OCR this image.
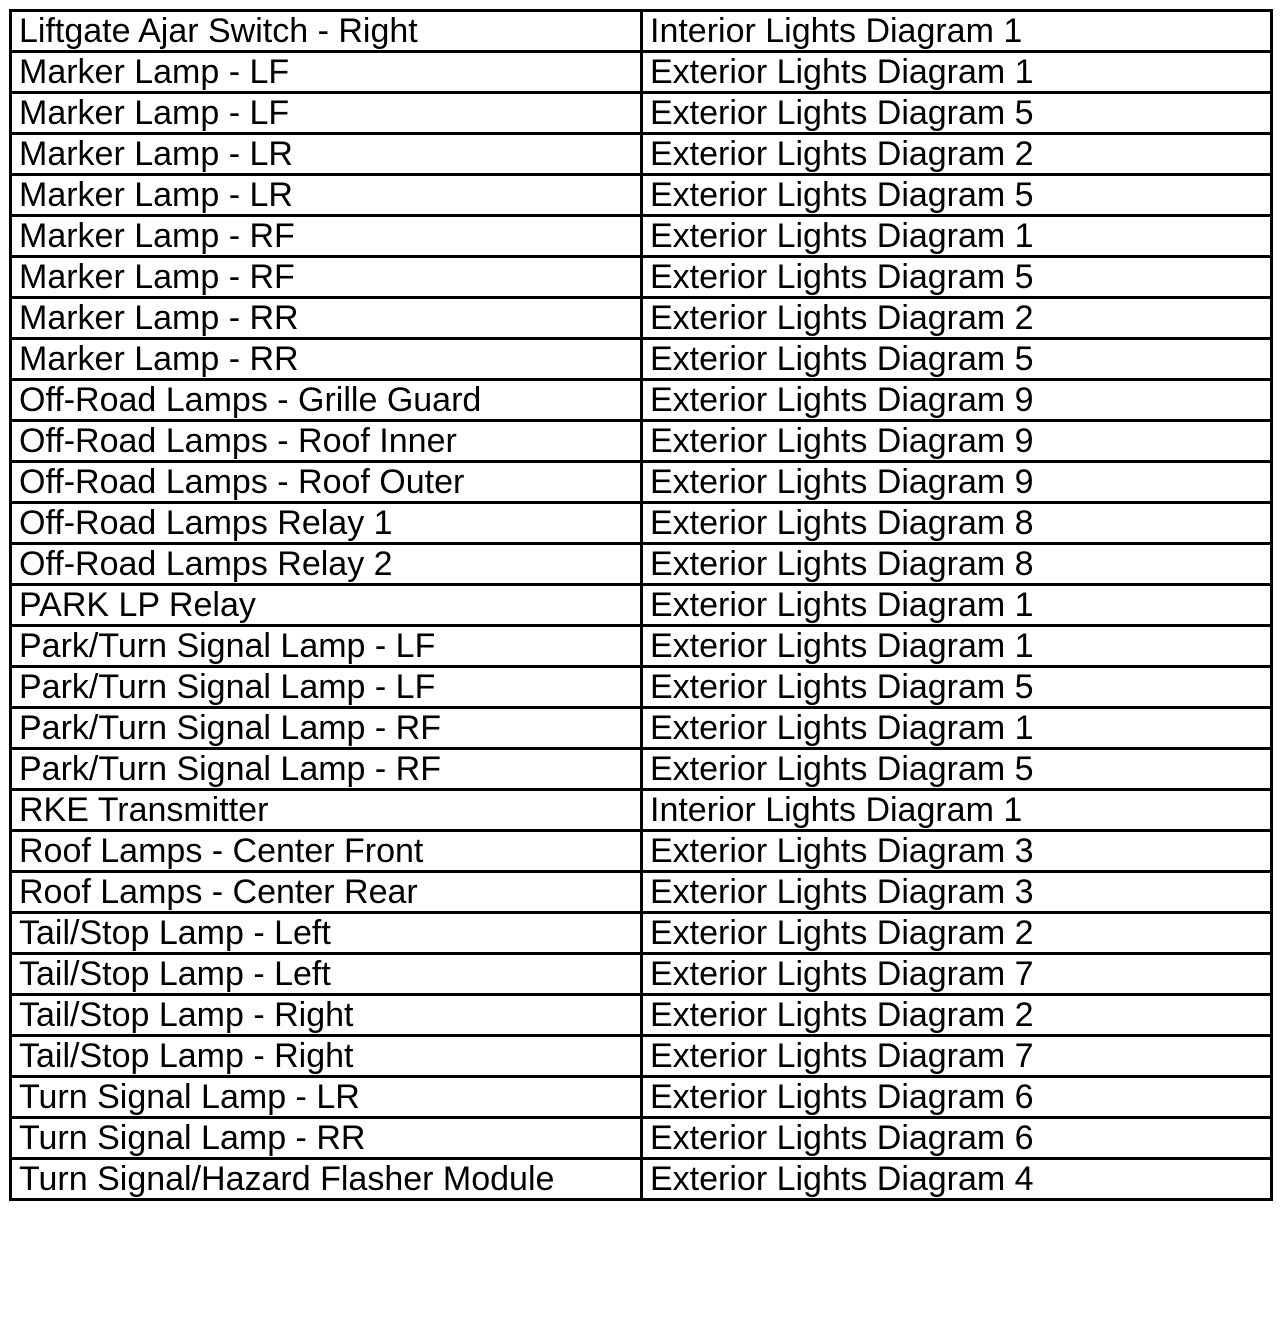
Liftgate Ajar Switch - Right	Interior Lights Diagram 1
Marker Lamp - LF	Exterior Lights Diagram 1
Marker Lamp - LF	Exterior Lights Diagram 5
Marker Lamp - LR	Exterior Lights Diagram 2
Marker Lamp - LR	Exterior Lights Diagram 5
Marker Lamp - RF	Exterior Lights Diagram 1
Marker Lamp - RF	Exterior Lights Diagram 5
Marker Lamp - RR	Exterior Lights Diagram 2
Marker Lamp - RR	Exterior Lights Diagram 5
Off-Road Lamps - Grille Guard	Exterior Lights Diagram 9
Off-Road Lamps - Roof Inner	Exterior Lights Diagram 9
Off-Road Lamps - Roof Outer	Exterior Lights Diagram 9
Off-Road Lamps Relay 1	Exterior Lights Diagram 8
Off-Road Lamps Relay 2	Exterior Lights Diagram 8
PARK LP Relay	Exterior Lights Diagram 1
Park/Turn Signal Lamp - LF	Exterior Lights Diagram 1
Park/Turn Signal Lamp - LF	Exterior Lights Diagram 5
Park/Turn Signal Lamp - RF	Exterior Lights Diagram 1
Park/Turn Signal Lamp - RF	Exterior Lights Diagram 5
RKE Transmitter	Interior Lights Diagram 1
Roof Lamps - Center Front	Exterior Lights Diagram 3
Roof Lamps - Center Rear	Exterior Lights Diagram 3
Tail/Stop Lamp - Left	Exterior Lights Diagram 2
Tail/Stop Lamp - Left	Exterior Lights Diagram 7
Tail/Stop Lamp - Right	Exterior Lights Diagram 2
Tail/Stop Lamp - Right	Exterior Lights Diagram 7
Turn Signal Lamp - LR	Exterior Lights Diagram 6
Turn Signal Lamp - RR	Exterior Lights Diagram 6
Turn Signal/Hazard Flasher Module	Exterior Lights Diagram 4
